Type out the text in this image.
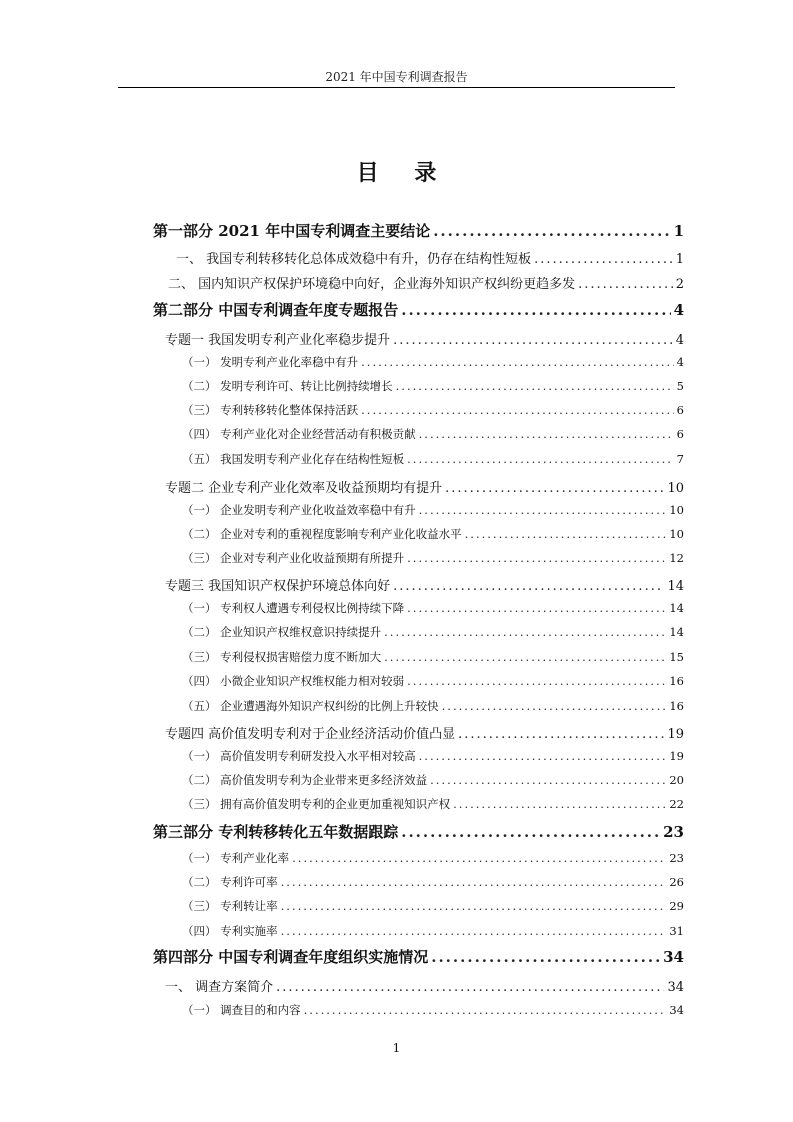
2021 年中国专利调查报告
目 录
第一部分 2021 年中国专利调查主要结论 .....	1
一、 我国专利转移转化总体成效稳中有升，仍存在结构性短板 .....	1
二、 国内知识产权保护环境稳中向好，企业海外知识产权纠纷更趋多发 .....	2
第二部分 中国专利调查年度专题报告 .....	4
专题一 我国发明专利产业化率稳步提升 .....	4
（一） 发明专利产业化率稳中有升 .....	4
（二） 发明专利许可、转让比例持续增长 .....	5
（三） 专利转移转化整体保持活跃 .....	6
（四） 专利产业化对企业经营活动有积极贡献 .....	6
（五） 我国发明专利产业化存在结构性短板 .....	7
专题二 企业专利产业化效率及收益预期均有提升 .....	10
（一） 企业发明专利产业化收益效率稳中有升 .....	10
（二） 企业对专利的重视程度影响专利产业化收益水平 .....	10
（三） 企业对专利产业化收益预期有所提升 .....	12
专题三 我国知识产权保护环境总体向好 .....	14
（一） 专利权人遭遇专利侵权比例持续下降 .....	14
（二） 企业知识产权维权意识持续提升 .....	14
（三） 专利侵权损害赔偿力度不断加大 .....	15
（四） 小微企业知识产权维权能力相对较弱 .....	16
（五） 企业遭遇海外知识产权纠纷的比例上升较快 .....	16
专题四 高价值发明专利对于企业经济活动价值凸显 .....	19
（一） 高价值发明专利研发投入水平相对较高 .....	19
（二） 高价值发明专利为企业带来更多经济效益 .....	20
（三） 拥有高价值发明专利的企业更加重视知识产权 .....	22
第三部分 专利转移转化五年数据跟踪 .....	23
（一） 专利产业化率 .....	23
（二） 专利许可率 .....	26
（三） 专利转让率 .....	29
（四） 专利实施率 .....	31
第四部分 中国专利调查年度组织实施情况 .....	34
一、 调查方案简介 .....	34
（一） 调查目的和内容 .....	34
1
